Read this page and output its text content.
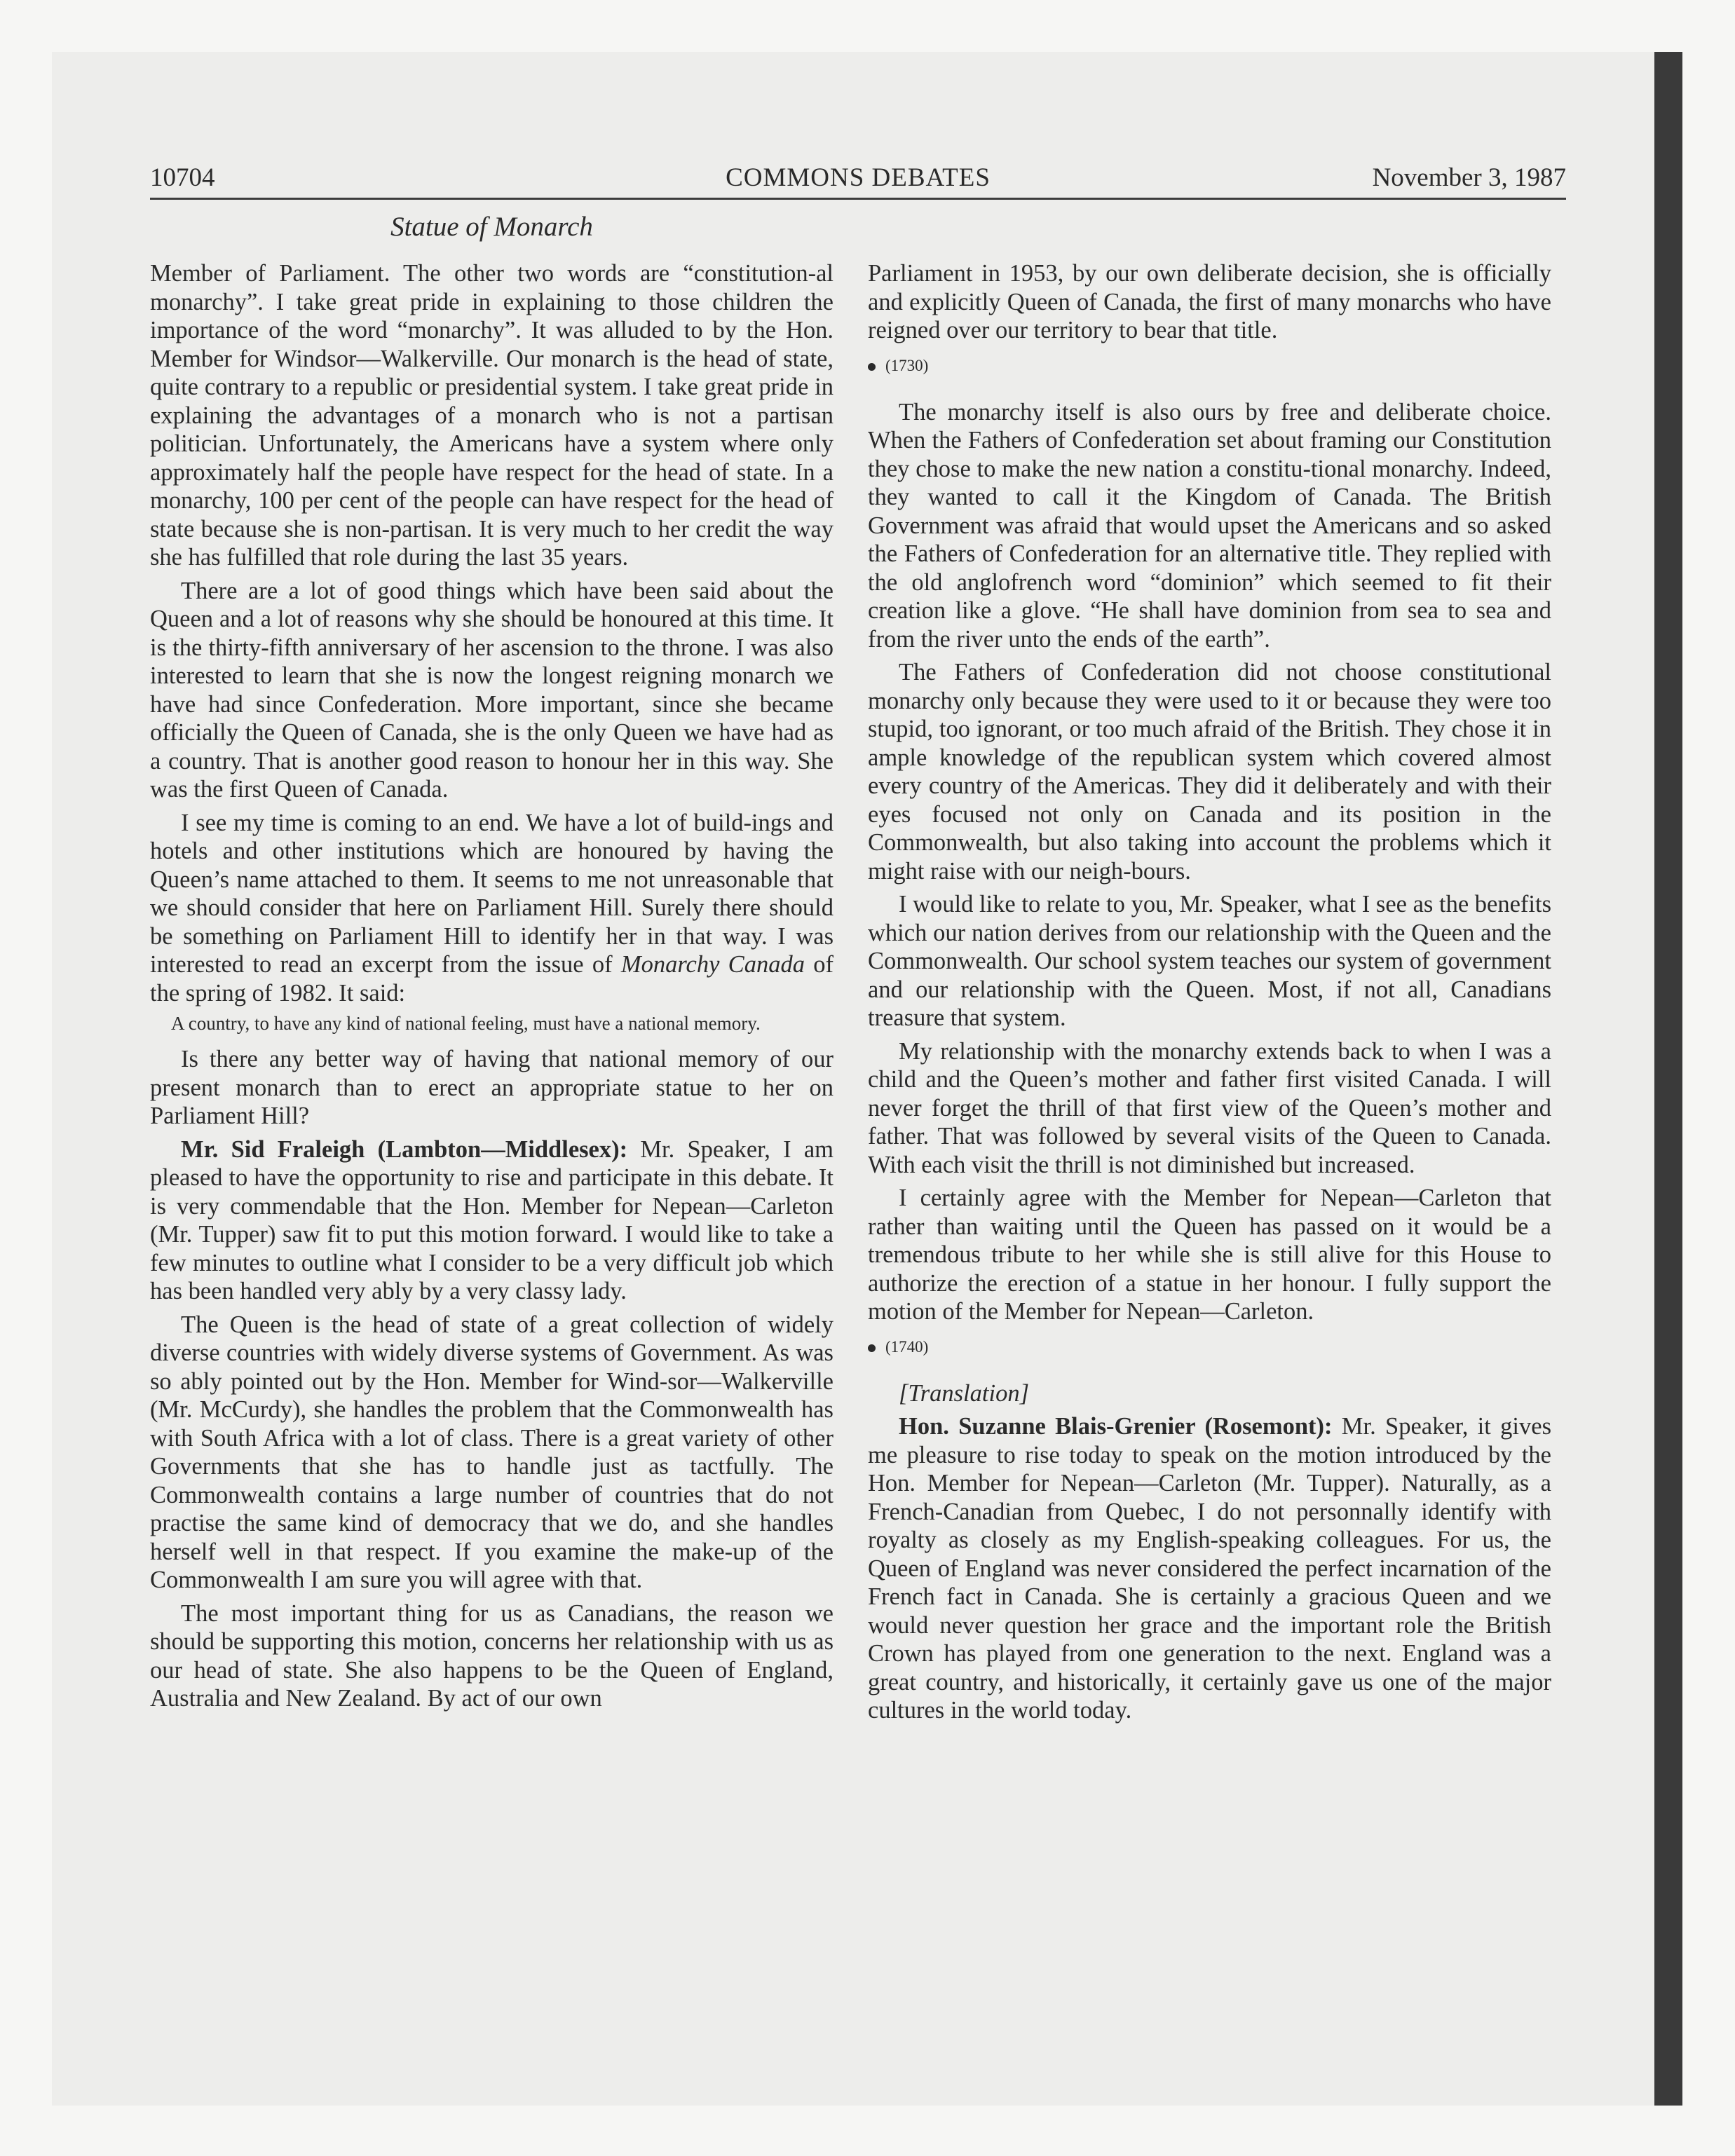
10704	COMMONS DEBATES	November 3, 1987
Statue of Monarch

Member of Parliament. The other two words are “constitution-al monarchy”. I take great pride in explaining to those children the importance of the word “monarchy”. It was alluded to by the Hon. Member for Windsor—Walkerville. Our monarch is the head of state, quite contrary to a republic or presidential system. I take great pride in explaining the advantages of a monarch who is not a partisan politician. Unfortunately, the Americans have a system where only approximately half the people have respect for the head of state. In a monarchy, 100 per cent of the people can have respect for the head of state because she is non-partisan. It is very much to her credit the way she has fulfilled that role during the last 35 years.

There are a lot of good things which have been said about the Queen and a lot of reasons why she should be honoured at this time. It is the thirty-fifth anniversary of her ascension to the throne. I was also interested to learn that she is now the longest reigning monarch we have had since Confederation. More important, since she became officially the Queen of Canada, she is the only Queen we have had as a country. That is another good reason to honour her in this way. She was the first Queen of Canada.

I see my time is coming to an end. We have a lot of build-ings and hotels and other institutions which are honoured by having the Queen’s name attached to them. It seems to me not unreasonable that we should consider that here on Parliament Hill. Surely there should be something on Parliament Hill to identify her in that way. I was interested to read an excerpt from the issue of Monarchy Canada of the spring of 1982. It said:

A country, to have any kind of national feeling, must have a national memory.

Is there any better way of having that national memory of our present monarch than to erect an appropriate statue to her on Parliament Hill?

Mr. Sid Fraleigh (Lambton—Middlesex): Mr. Speaker, I am pleased to have the opportunity to rise and participate in this debate. It is very commendable that the Hon. Member for Nepean—Carleton (Mr. Tupper) saw fit to put this motion forward. I would like to take a few minutes to outline what I consider to be a very difficult job which has been handled very ably by a very classy lady.

The Queen is the head of state of a great collection of widely diverse countries with widely diverse systems of Government. As was so ably pointed out by the Hon. Member for Wind-sor—Walkerville (Mr. McCurdy), she handles the problem that the Commonwealth has with South Africa with a lot of class. There is a great variety of other Governments that she has to handle just as tactfully. The Commonwealth contains a large number of countries that do not practise the same kind of democracy that we do, and she handles herself well in that respect. If you examine the make-up of the Commonwealth I am sure you will agree with that.

The most important thing for us as Canadians, the reason we should be supporting this motion, concerns her relationship with us as our head of state. She also happens to be the Queen of England, Australia and New Zealand. By act of our own

Parliament in 1953, by our own deliberate decision, she is officially and explicitly Queen of Canada, the first of many monarchs who have reigned over our territory to bear that title.

(1730)

The monarchy itself is also ours by free and deliberate choice. When the Fathers of Confederation set about framing our Constitution they chose to make the new nation a constitu-tional monarchy. Indeed, they wanted to call it the Kingdom of Canada. The British Government was afraid that would upset the Americans and so asked the Fathers of Confederation for an alternative title. They replied with the old anglofrench word “dominion” which seemed to fit their creation like a glove. “He shall have dominion from sea to sea and from the river unto the ends of the earth”.

The Fathers of Confederation did not choose constitutional monarchy only because they were used to it or because they were too stupid, too ignorant, or too much afraid of the British. They chose it in ample knowledge of the republican system which covered almost every country of the Americas. They did it deliberately and with their eyes focused not only on Canada and its position in the Commonwealth, but also taking into account the problems which it might raise with our neigh-bours.

I would like to relate to you, Mr. Speaker, what I see as the benefits which our nation derives from our relationship with the Queen and the Commonwealth. Our school system teaches our system of government and our relationship with the Queen. Most, if not all, Canadians treasure that system.

My relationship with the monarchy extends back to when I was a child and the Queen’s mother and father first visited Canada. I will never forget the thrill of that first view of the Queen’s mother and father. That was followed by several visits of the Queen to Canada. With each visit the thrill is not diminished but increased.

I certainly agree with the Member for Nepean—Carleton that rather than waiting until the Queen has passed on it would be a tremendous tribute to her while she is still alive for this House to authorize the erection of a statue in her honour. I fully support the motion of the Member for Nepean—Carleton.

(1740)

[Translation]

Hon. Suzanne Blais-Grenier (Rosemont): Mr. Speaker, it gives me pleasure to rise today to speak on the motion introduced by the Hon. Member for Nepean—Carleton (Mr. Tupper). Naturally, as a French-Canadian from Quebec, I do not personnally identify with royalty as closely as my English-speaking colleagues. For us, the Queen of England was never considered the perfect incarnation of the French fact in Canada. She is certainly a gracious Queen and we would never question her grace and the important role the British Crown has played from one generation to the next. England was a great country, and historically, it certainly gave us one of the major cultures in the world today.
